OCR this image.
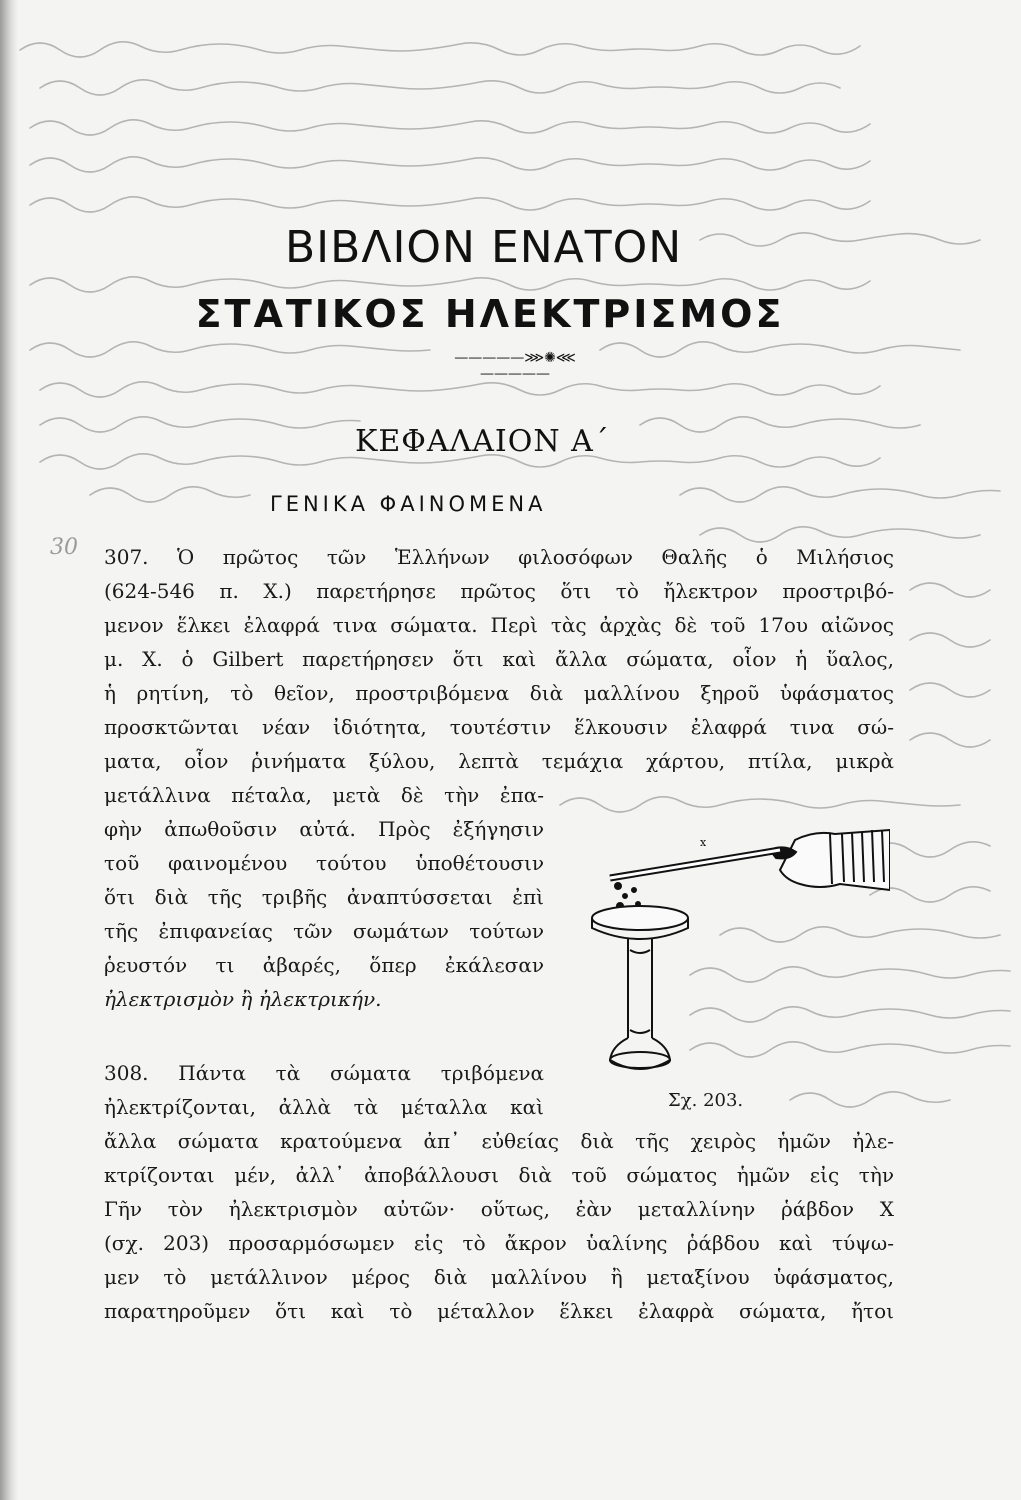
30
ΒΙΒΛΙΟΝ ΕΝΑΤΟΝ
ΣΤΑΤΙΚΟΣ ΗΛΕΚΤΡΙΣΜΟΣ
—————⋙✺⋘—————
ΚΕΦΑΛΑΙΟΝ Α΄
ΓΕΝΙΚΑ ΦΑΙΝΟΜΕΝΑ
307. Ὁ πρῶτος τῶν Ἑλλήνων φιλοσόφων Θαλῆς ὁ Μιλήσιος
(624-546 π. Χ.) παρετήρησε πρῶτος ὅτι τὸ ἤλεκτρον προστριβό-
μενον ἕλκει ἐλαφρά τινα σώματα. Περὶ τὰς ἀρχὰς δὲ τοῦ 17ου αἰῶνος
μ. Χ. ὁ Gilbert παρετήρησεν ὅτι καὶ ἄλλα σώματα, οἷον ἡ ὕαλος,
ἡ ρητίνη, τὸ θεῖον, προστριβόμενα διὰ μαλλίνου ξηροῦ ὑφάσματος
προσκτῶνται νέαν ἰδιότητα, τουτέστιν ἕλκουσιν ἐλαφρά τινα σώ-
ματα, οἷον ῥινήματα ξύλου, λεπτὰ τεμάχια χάρτου, πτίλα, μικρὰ
μετάλλινα πέταλα, μετὰ δὲ τὴν ἐπα-
φὴν ἀπωθοῦσιν αὐτά. Πρὸς ἐξήγησιν
τοῦ φαινομένου τούτου ὑποθέτουσιν
ὅτι διὰ τῆς τριβῆς ἀναπτύσσεται ἐπὶ
τῆς ἐπιφανείας τῶν σωμάτων τούτων
ῥευστόν τι ἀβαρές, ὅπερ ἐκάλεσαν
ἠλεκτρισμὸν ἢ ἠλεκτρικήν.
308. Πάντα τὰ σώματα τριβόμενα
ἠλεκτρίζονται, ἀλλὰ τὰ μέταλλα καὶ
ἄλλα σώματα κρατούμενα ἀπ᾽ εὐθείας διὰ τῆς χειρὸς ἡμῶν ἠλε-
κτρίζονται μέν, ἀλλ᾽ ἀποβάλλουσι διὰ τοῦ σώματος ἡμῶν εἰς τὴν
Γῆν τὸν ἠλεκτρισμὸν αὐτῶν· οὕτως, ἐὰν μεταλλίνην ῥάβδον Χ
(σχ. 203) προσαρμόσωμεν εἰς τὸ ἄκρον ὑαλίνης ῥάβδου καὶ τύψω-
μεν τὸ μετάλλινον μέρος διὰ μαλλίνου ἢ μεταξίνου ὑφάσματος,
παρατηροῦμεν ὅτι καὶ τὸ μέταλλον ἕλκει ἐλαφρὰ σώματα, ἤτοι
x
Σχ. 203.
